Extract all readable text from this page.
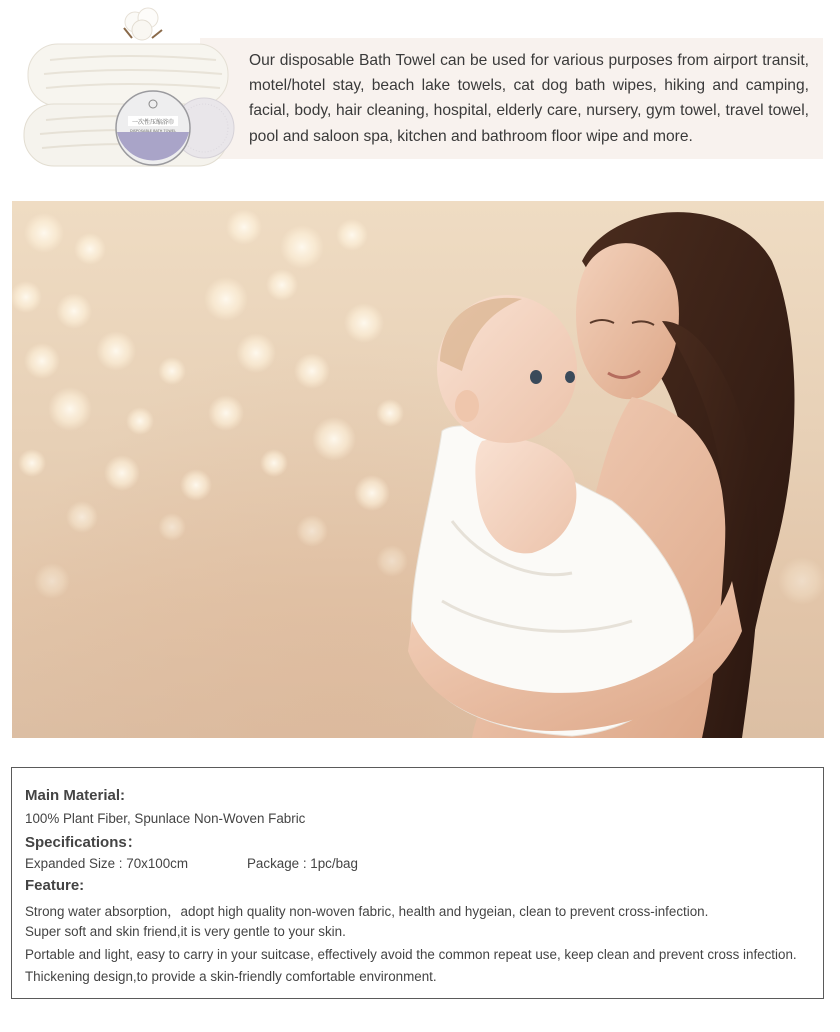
一次性压缩浴巾
DISPOSABLE BATH TOWEL

Our disposable Bath Towel can be used for various purposes from airport transit, motel/hotel stay, beach lake towels, cat dog bath wipes, hiking and camping, facial, body, hair cleaning, hospital, elderly care, nursery, gym towel, travel towel, pool and saloon spa, kitchen and bathroom floor wipe and more.

Main Material:

100% Plant Fiber, Spunlace Non-Woven Fabric

Specifications：

Expanded Size : 70x100cm	Package : 1pc/bag

Feature:

Strong water absorption，adopt high quality non-woven fabric, health and hygeian, clean to prevent cross-infection.

Super soft and skin friend,it is very gentle to your skin.

Portable and light, easy to carry in your suitcase, effectively avoid the common repeat use, keep clean and prevent cross infection.

Thickening design,to provide a skin-friendly comfortable environment.
